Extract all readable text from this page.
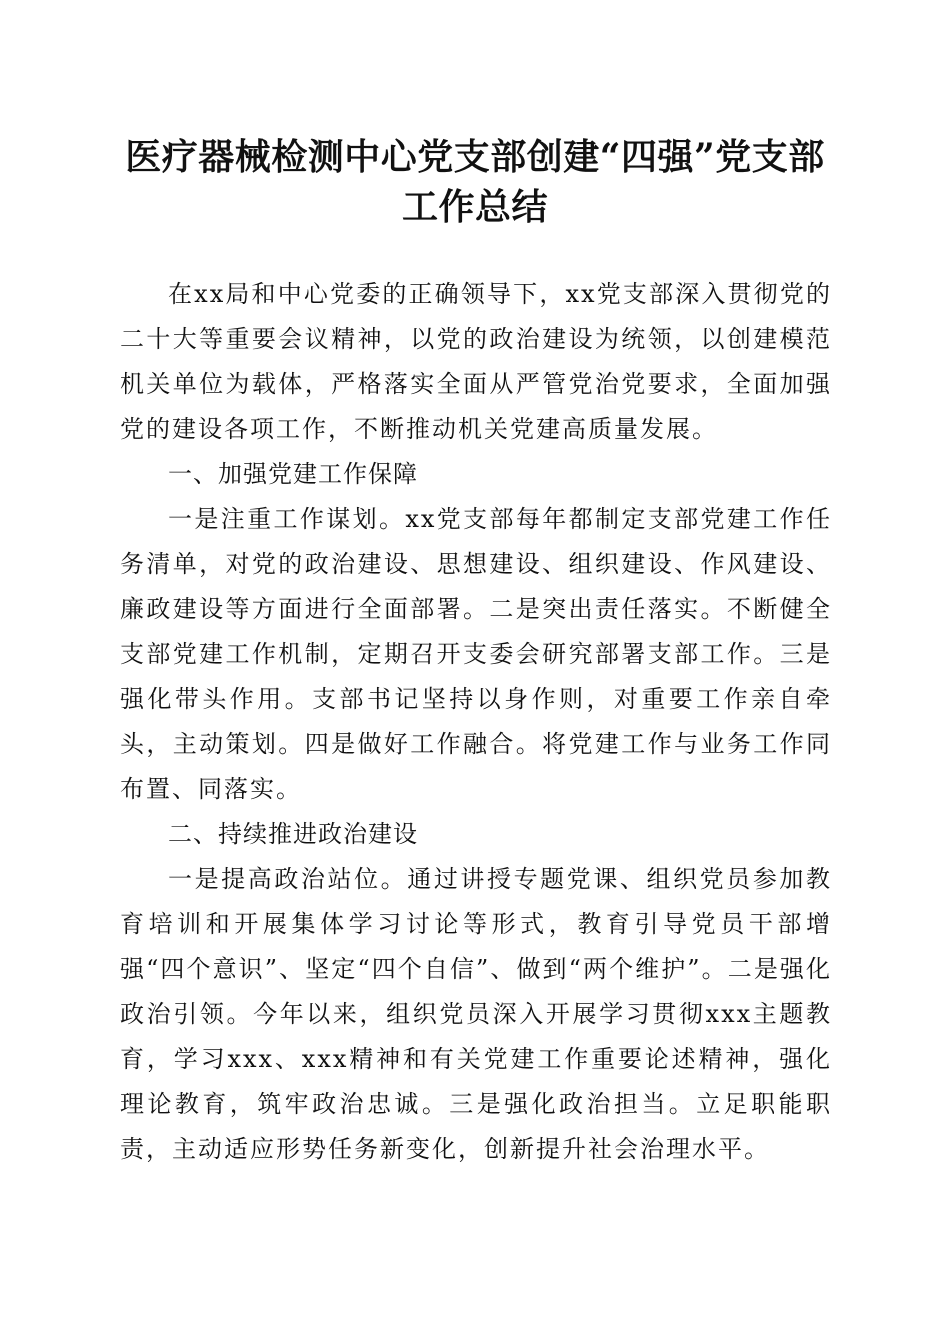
医疗器械检测中心党支部创建“四强”党支部
工作总结

在xx局和中心党委的正确领导下，xx党支部深入贯彻党的二十大等重要会议精神，以党的政治建设为统领，以创建模范机关单位为载体，严格落实全面从严管党治党要求，全面加强党的建设各项工作，不断推动机关党建高质量发展。

一、加强党建工作保障

一是注重工作谋划。xx党支部每年都制定支部党建工作任务清单，对党的政治建设、思想建设、组织建设、作风建设、廉政建设等方面进行全面部署。二是突出责任落实。不断健全支部党建工作机制，定期召开支委会研究部署支部工作。三是强化带头作用。支部书记坚持以身作则，对重要工作亲自牵头，主动策划。四是做好工作融合。将党建工作与业务工作同布置、同落实。

二、持续推进政治建设

一是提高政治站位。通过讲授专题党课、组织党员参加教育培训和开展集体学习讨论等形式，教育引导党员干部增强“四个意识”、坚定“四个自信”、做到“两个维护”。二是强化政治引领。今年以来，组织党员深入开展学习贯彻xxx主题教育，学习xxx、xxx精神和有关党建工作重要论述精神，强化理论教育，筑牢政治忠诚。三是强化政治担当。立足职能职责，主动适应形势任务新变化，创新提升社会治理水平。
